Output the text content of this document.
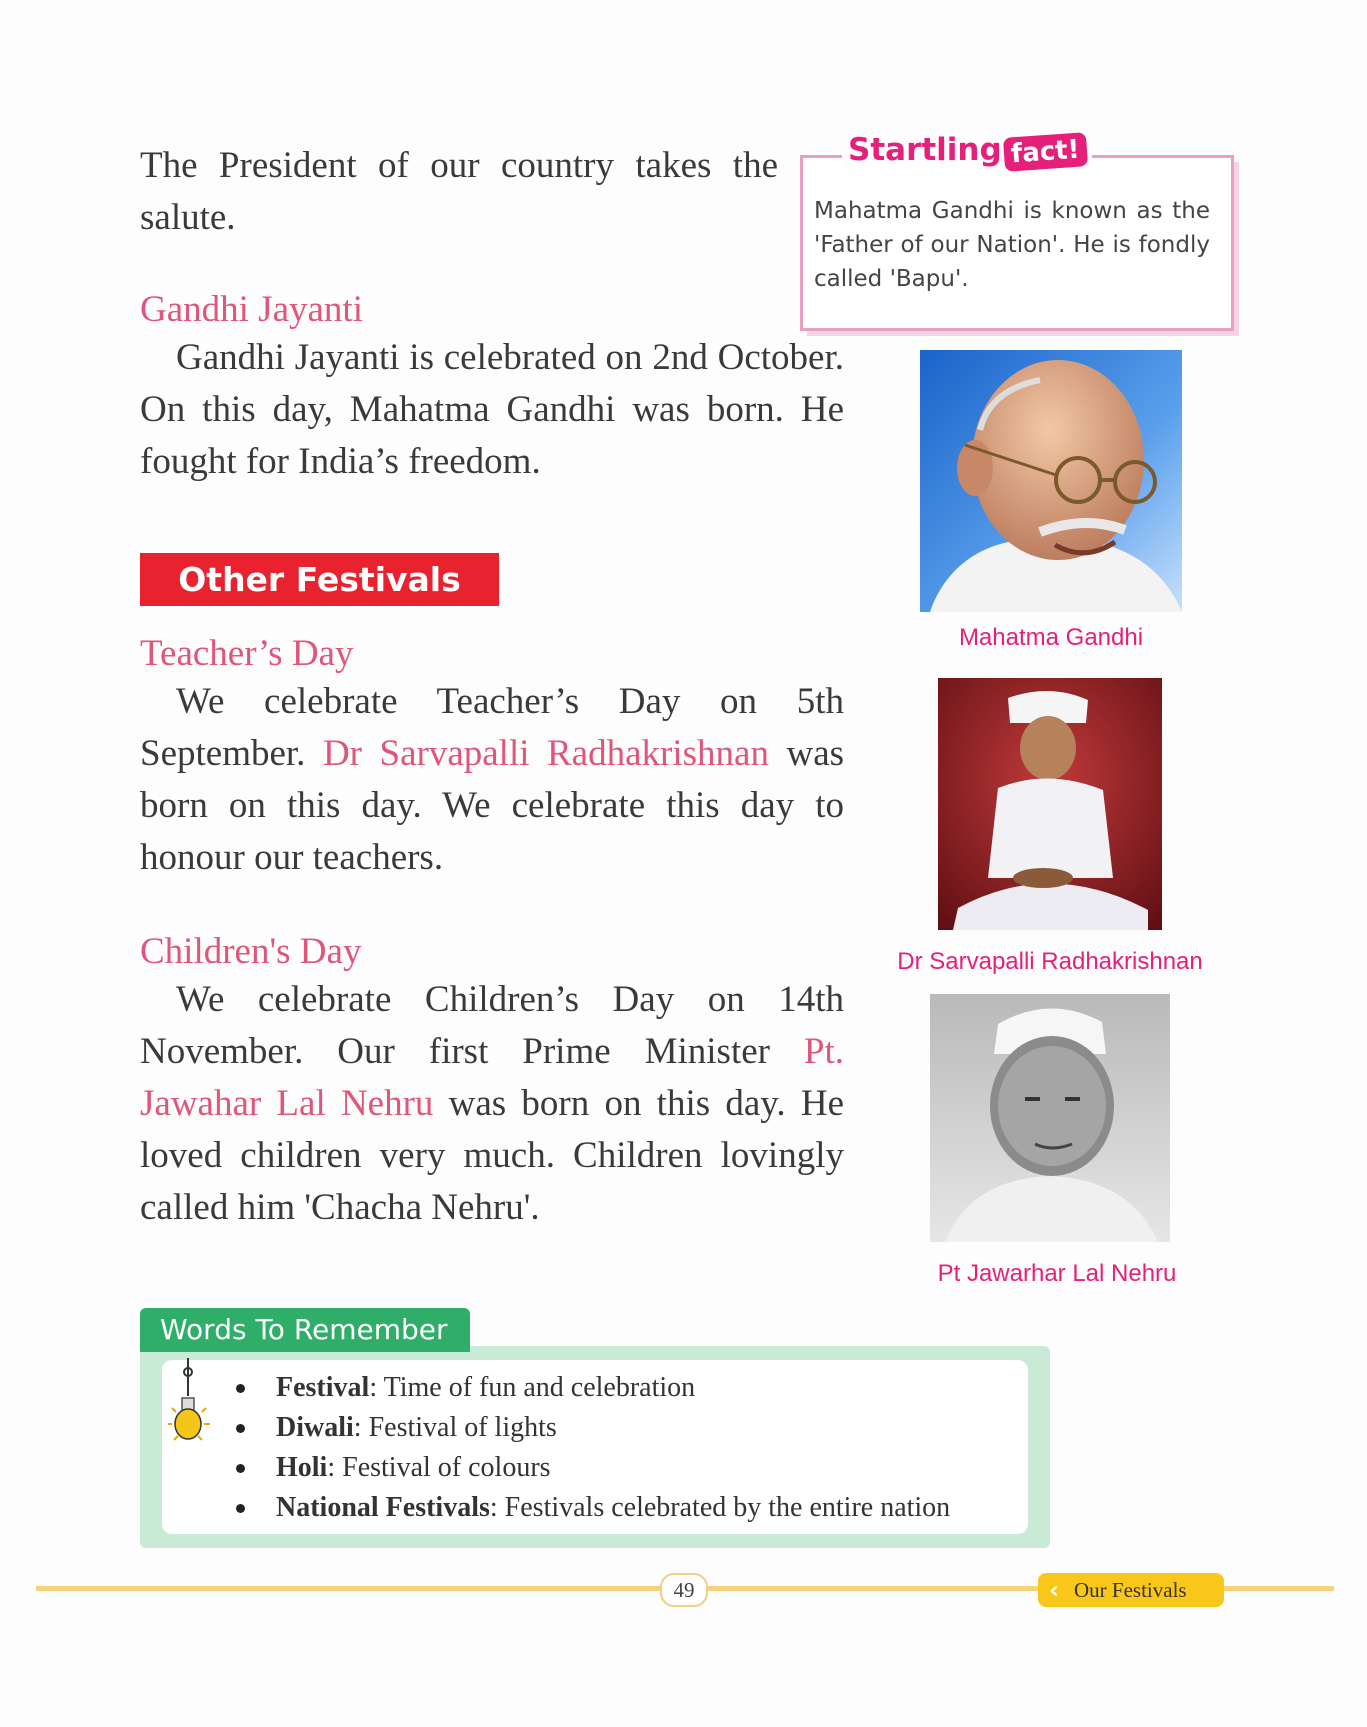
The President of our country takes the salute.
Gandhi Jayanti
Gandhi Jayanti is celebrated on 2nd October. On this day, Mahatma Gandhi was born. He fought for India’s freedom.
Other Festivals
Teacher’s Day
We celebrate Teacher’s Day on 5th September. Dr Sarvapalli Radhakrishnan was born on this day. We celebrate this day to honour our teachers.
Children's Day
We celebrate Children’s Day on 14th November. Our first Prime Minister Pt. Jawahar Lal Nehru was born on this day. He loved children very much. Children lovingly called him 'Chacha Nehru'.
Startling fact!
Mahatma Gandhi is known as the 'Father of our Nation'. He is fondly called 'Bapu'.
Mahatma Gandhi
Dr Sarvapalli Radhakrishnan
Pt Jawarhar Lal Nehru
Words To Remember
Festival: Time of fun and celebration
Diwali: Festival of lights
Holi: Festival of colours
National Festivals: Festivals celebrated by the entire nation
49	‹ Our Festivals
